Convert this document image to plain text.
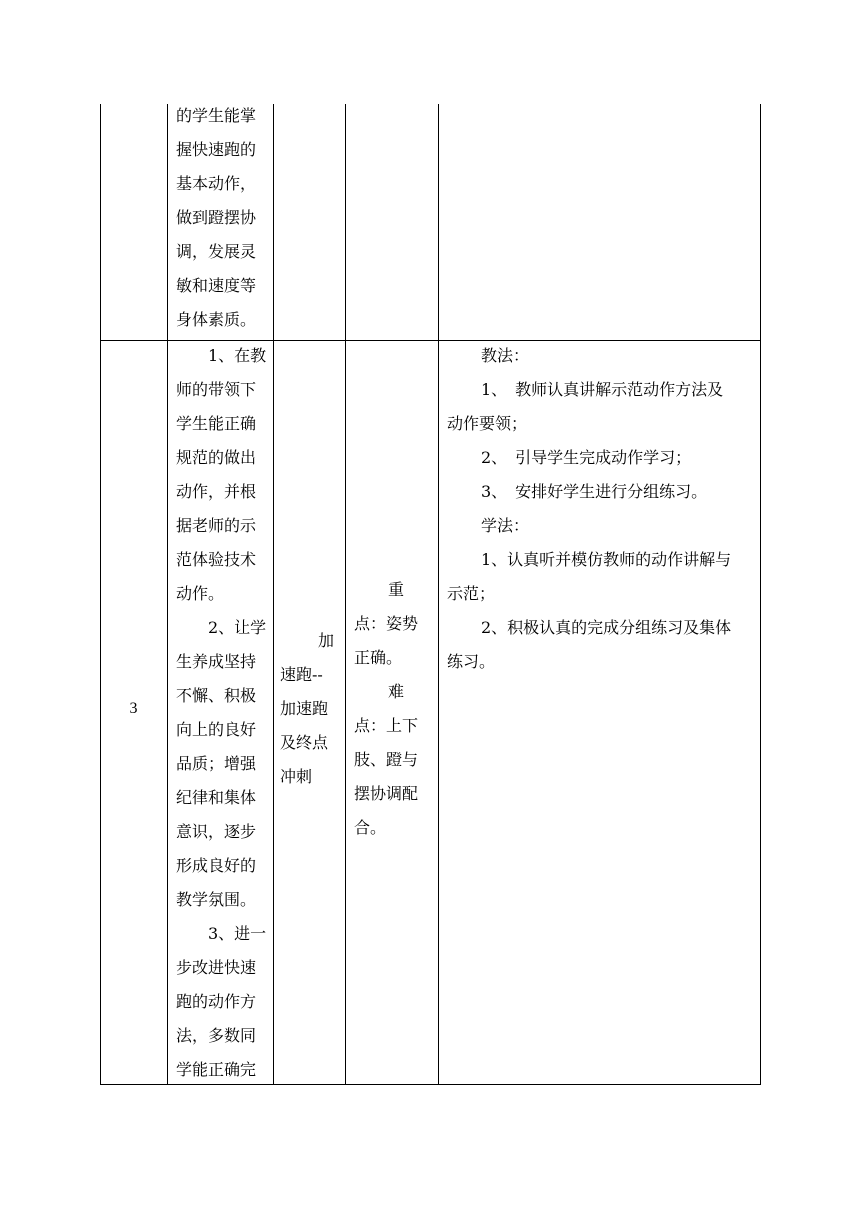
的学生能掌

握快速跑的

基本动作，

做到蹬摆协

调，发展灵

敏和速度等

身体素质。

3

1、在教

师的带领下

学生能正确

规范的做出

动作，并根

据老师的示

范体验技术

动作。

2、让学

生养成坚持

不懈、积极

向上的良好

品质；增强

纪律和集体

意识，逐步

形成良好的

教学氛围。

3、进一

步改进快速

跑的动作方

法，多数同

学能正确完

加

速跑--

加速跑

及终点

冲刺

重

点：姿势

正确。

难

点：上下

肢、蹬与

摆协调配

合。

教法：

1、　教师认真讲解示范动作方法及

动作要领；

2、　引导学生完成动作学习；

3、　安排好学生进行分组练习。

学法：

1、认真听并模仿教师的动作讲解与

示范；

2、积极认真的完成分组练习及集体

练习。
